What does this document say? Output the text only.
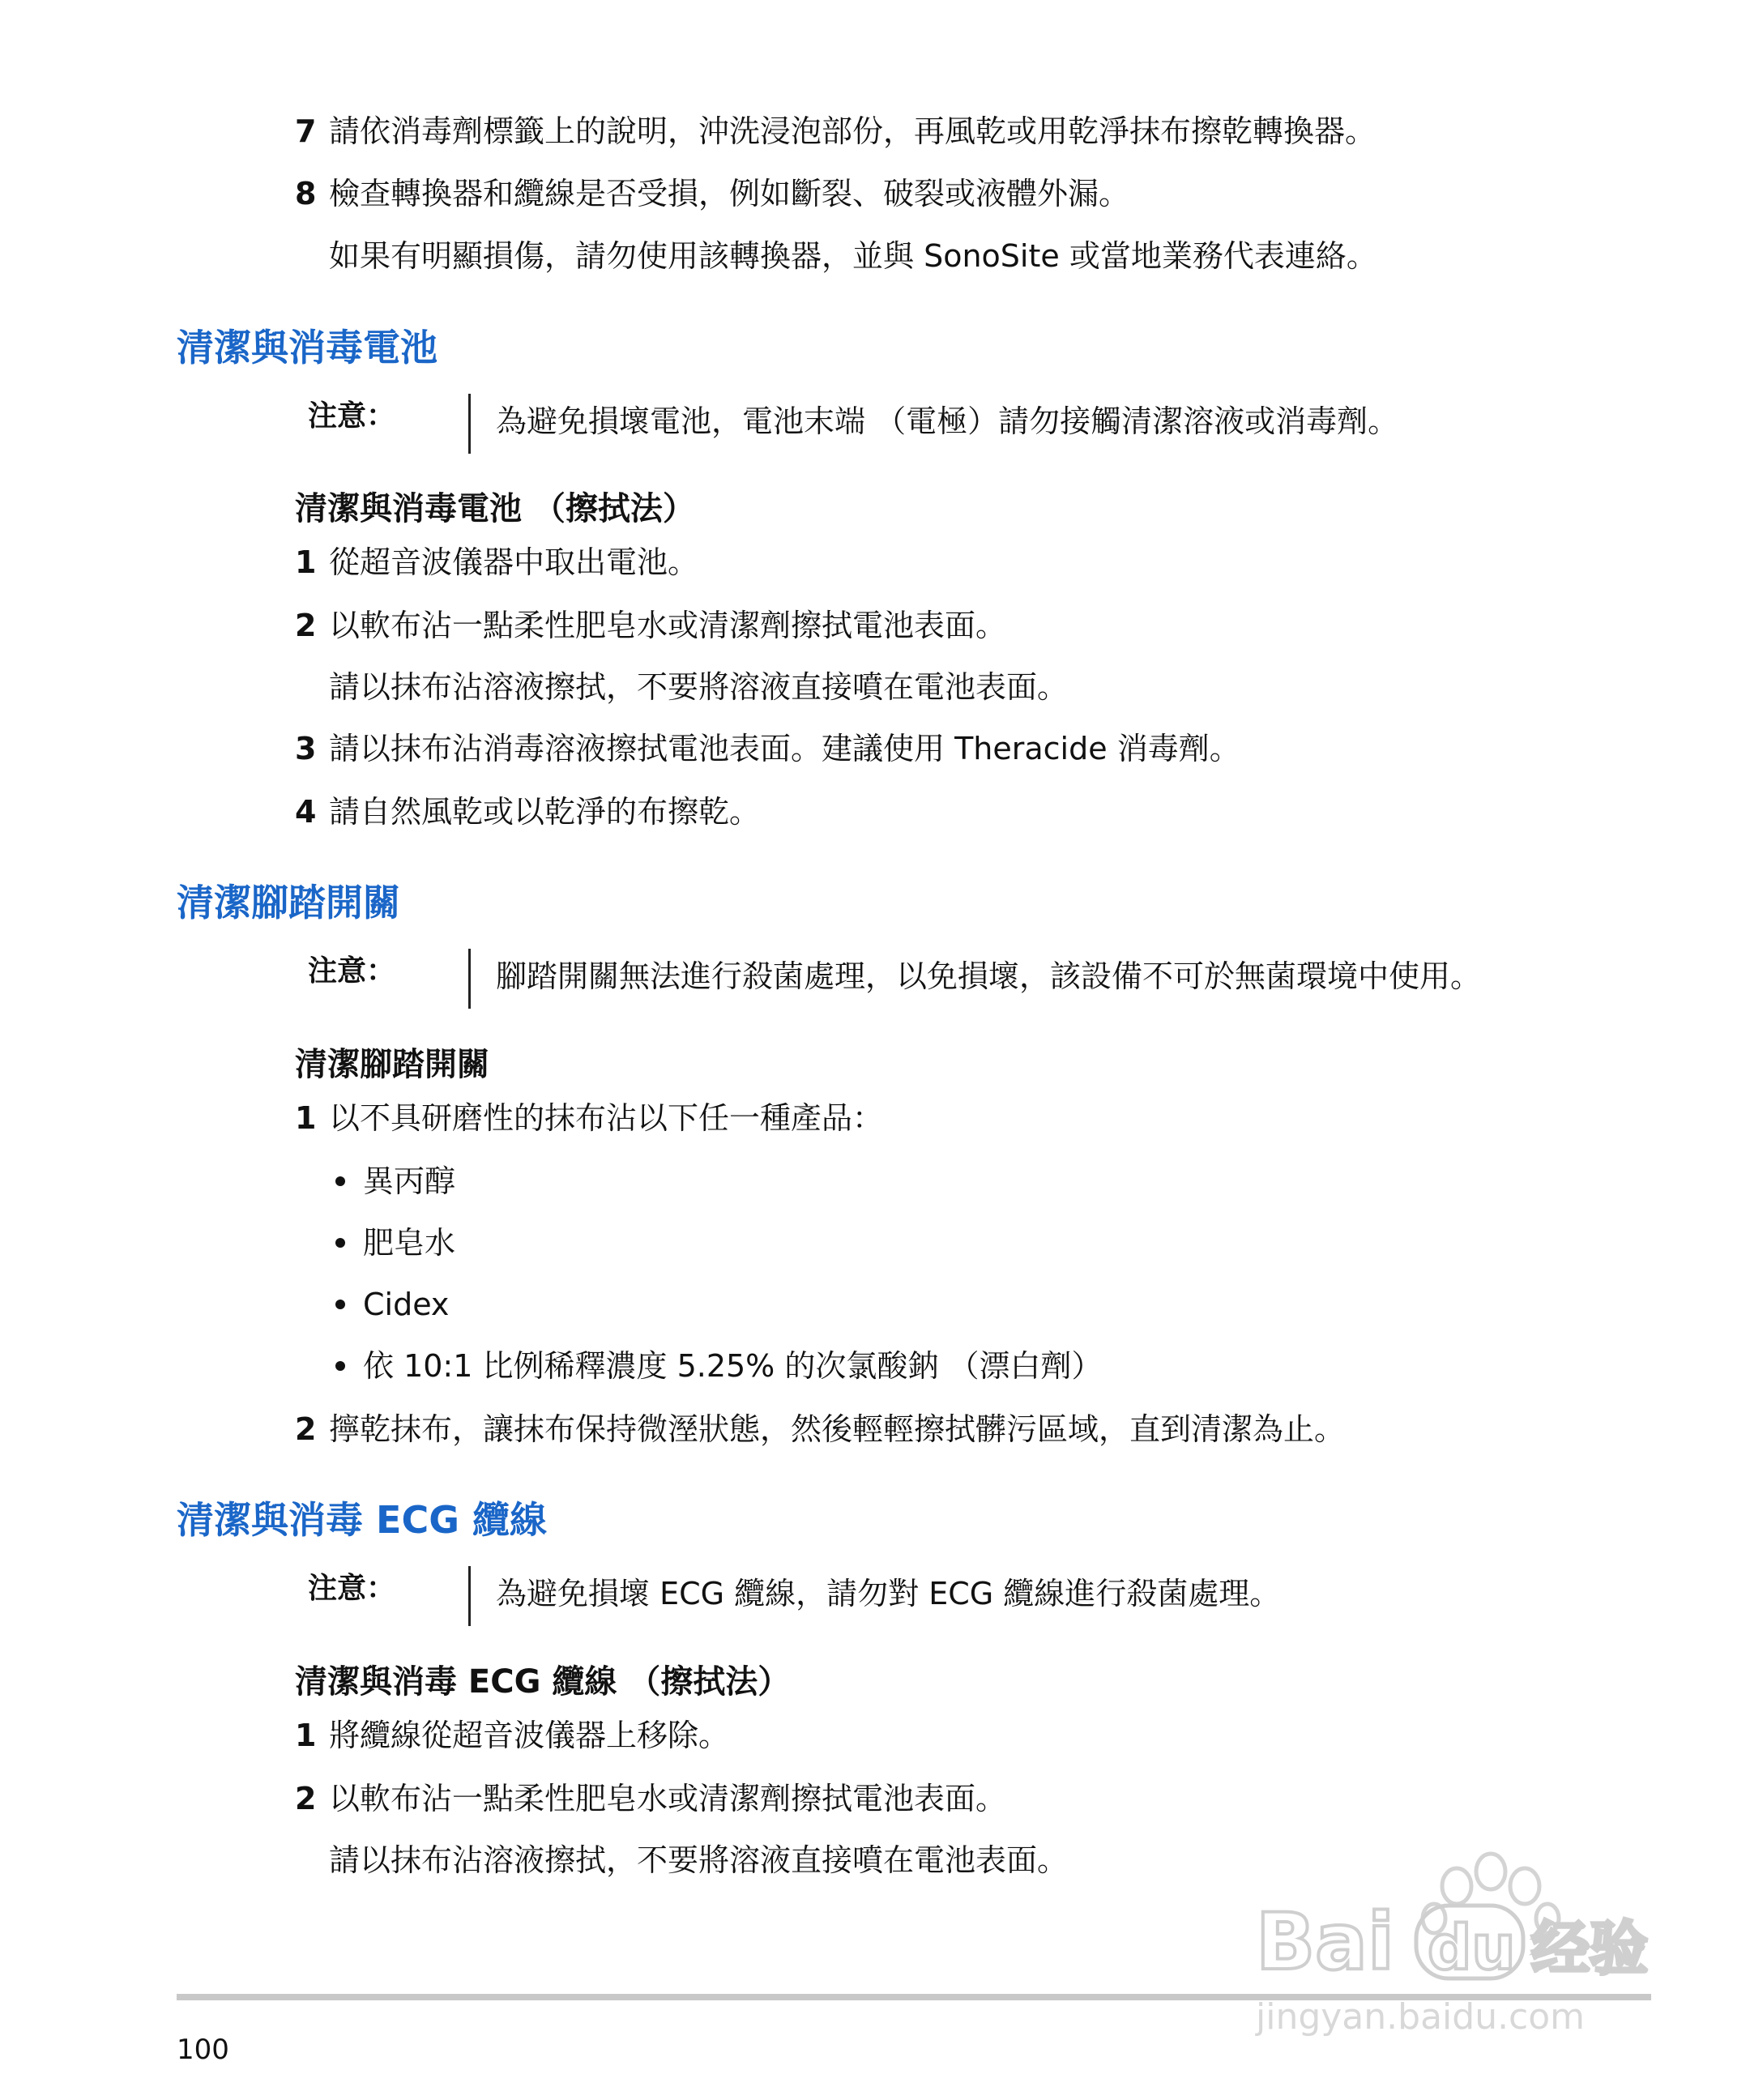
7 請依消毒劑標籤上的說明，沖洗浸泡部份，再風乾或用乾淨抹布擦乾轉換器。
8 檢查轉換器和纜線是否受損，例如斷裂、破裂或液體外漏。
如果有明顯損傷，請勿使用該轉換器，並與 SonoSite 或當地業務代表連絡。
清潔與消毒電池
注意：	為避免損壞電池，電池末端 （電極）請勿接觸清潔溶液或消毒劑。
清潔與消毒電池 （擦拭法）
1 從超音波儀器中取出電池。
2 以軟布沾一點柔性肥皂水或清潔劑擦拭電池表面。
請以抹布沾溶液擦拭，不要將溶液直接噴在電池表面。
3 請以抹布沾消毒溶液擦拭電池表面。建議使用 Theracide 消毒劑。
4 請自然風乾或以乾淨的布擦乾。
清潔腳踏開關
注意：	腳踏開關無法進行殺菌處理，以免損壞，該設備不可於無菌環境中使用。
清潔腳踏開關
1 以不具研磨性的抹布沾以下任一種產品：
異丙醇
肥皂水
Cidex
依 10:1 比例稀釋濃度 5.25% 的次氯酸鈉 （漂白劑）
2 擰乾抹布，讓抹布保持微溼狀態，然後輕輕擦拭髒污區域，直到清潔為止。
清潔與消毒 ECG 纜線
注意：	為避免損壞 ECG 纜線，請勿對 ECG 纜線進行殺菌處理。
清潔與消毒 ECG 纜線 （擦拭法）
1 將纜線從超音波儀器上移除。
2 以軟布沾一點柔性肥皂水或清潔劑擦拭電池表面。
請以抹布沾溶液擦拭，不要將溶液直接噴在電池表面。
100
Bai du 经验
jingyan.baidu.com
